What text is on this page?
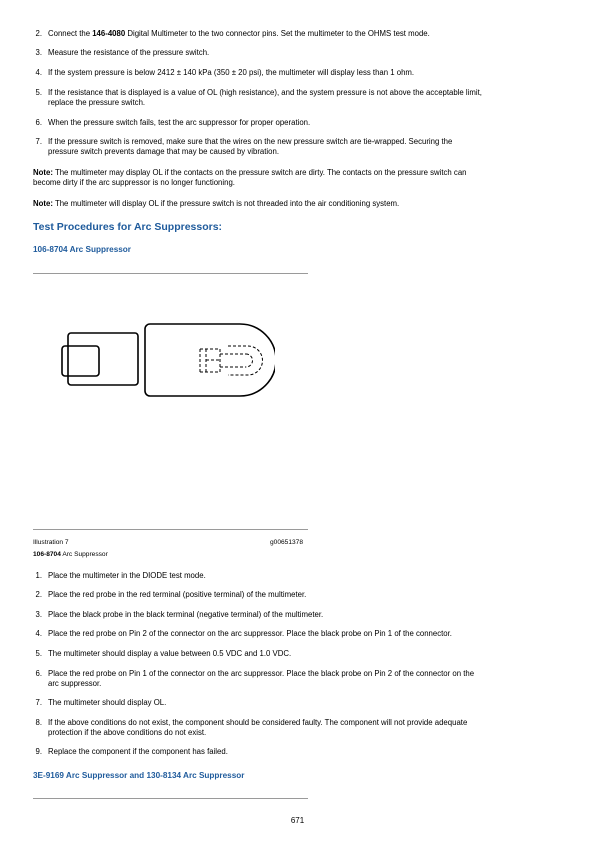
2. Connect the 146-4080 Digital Multimeter to the two connector pins. Set the multimeter to the OHMS test mode.
3. Measure the resistance of the pressure switch.
4. If the system pressure is below 2412 ± 140 kPa (350 ± 20 psi), the multimeter will display less than 1 ohm.
5. If the resistance that is displayed is a value of OL (high resistance), and the system pressure is not above the acceptable limit,
replace the pressure switch.
6. When the pressure switch fails, test the arc suppressor for proper operation.
7. If the pressure switch is removed, make sure that the wires on the new pressure switch are tie-wrapped. Securing the
pressure switch prevents damage that may be caused by vibration.
Note: The multimeter may display OL if the contacts on the pressure switch are dirty. The contacts on the pressure switch can
become dirty if the arc suppressor is no longer functioning.
Note: The multimeter will display OL if the pressure switch is not threaded into the air conditioning system.
Test Procedures for Arc Suppressors:
106-8704 Arc Suppressor
Illustration 7	g00651378
106-8704 Arc Suppressor
1. Place the multimeter in the DIODE test mode.
2. Place the red probe in the red terminal (positive terminal) of the multimeter.
3. Place the black probe in the black terminal (negative terminal) of the multimeter.
4. Place the red probe on Pin 2 of the connector on the arc suppressor. Place the black probe on Pin 1 of the connector.
5. The multimeter should display a value between 0.5 VDC and 1.0 VDC.
6. Place the red probe on Pin 1 of the connector on the arc suppressor. Place the black probe on Pin 2 of the connector on the
arc suppressor.
7. The multimeter should display OL.
8. If the above conditions do not exist, the component should be considered faulty. The component will not provide adequate
protection if the above conditions do not exist.
9. Replace the component if the component has failed.
3E-9169 Arc Suppressor and 130-8134 Arc Suppressor
671
